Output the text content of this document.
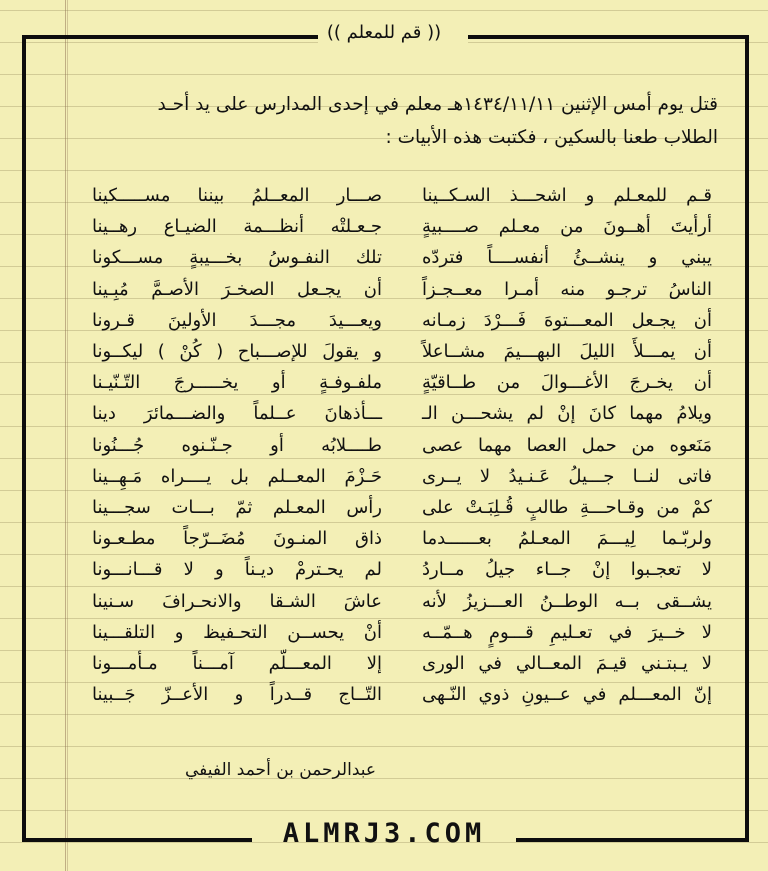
(( قم للمعلم ))
قتل يوم أمس الإثنين ١٤٣٤/١١/١١هـ معلم في إحدى المدارس على يد أحـد
الطلاب طعنا بالسكين ، فكتبت هذه الأبيات :
قـم للمعـلم و اشحـــذ السـكــينا
صـــار المعــلمُ بيننا مســـــكينا
أرأيتَ أهــونَ من معـلم صــــبيةٍ
جـعـلتْه أنظـــمة الضيـاع رهــينا
يبني و ينشــئُ أنفســــاً فتردّه
تلك النفـوسُ بخـــيبةٍ مســـكونا
الناسُ ترجـو منه أمـرا معــجـزاً
أن يجـعل الصخـرَ الأصـمَّ مُبِـينا
أن يجـعل المعـــتوهَ فَـــرْدَ زمـانه
ويعـــيدَ مجـــدَ الأولينَ قـرونا
أن يمـــلأَ الليلَ البهـــيمَ مشــاعلاً
و يقولَ للإصـــباح ( كُنْ ) ليكــونا
أن يخـرجَ الأغـــوالَ من طــاقيّةٍ
ملفـوفـةٍ أو يخـــــرجَ التّـنّيـنا
ويلامُ مهما كانَ إنْ لم يشحـــن الـ
ـــأذهانَ عــلماً والضـــمائرَ دينا
مَنَعوه من حمل العصا مهما عصى
طــــلابُه أو جـنّـنوه جُـــنُونا
فاتى لنــا جـــيلُ عَـنـيدُ لا يــرى
حَـزْمَ المعــلم بل يــــراه مَـهِــينا
كمْ من وقـاحـــةِ طالبٍ قُـلِبَـتْ على
رأس المعـلم ثمّ بـــات سجـــينا
ولربّـما لِيـــمَ المعـلمُ بعــــــدما
ذاق المنـونَ مُضَــرّجاً مطـعـونا
لا تعجـبوا إنْ جــاء جيلُ مــاردُ
لم يحـترمْ ديـناً و لا قـــانـــونا
يشــقى بــه الوطــنُ العـــزيزُ لأنه
عاشَ الشـقا والانحـرافَ سـنينا
لا خــيرَ في تعـليمِ قـــومٍ هــمّــه
أنْ يحســن التحـفيظ و التلقـــينا
لا يـبتـني قيـمَ المعــالي في الورى
إلا المعـــلّم آمـــناً مـأمـــونا
إنّ المعـــلم في عــيونِ ذوي النّـهى
التّــاج قــدراً و الأعــزّ جَــبينا
عبدالرحمن بن أحمد الفيفي
ALMRJ3.COM
